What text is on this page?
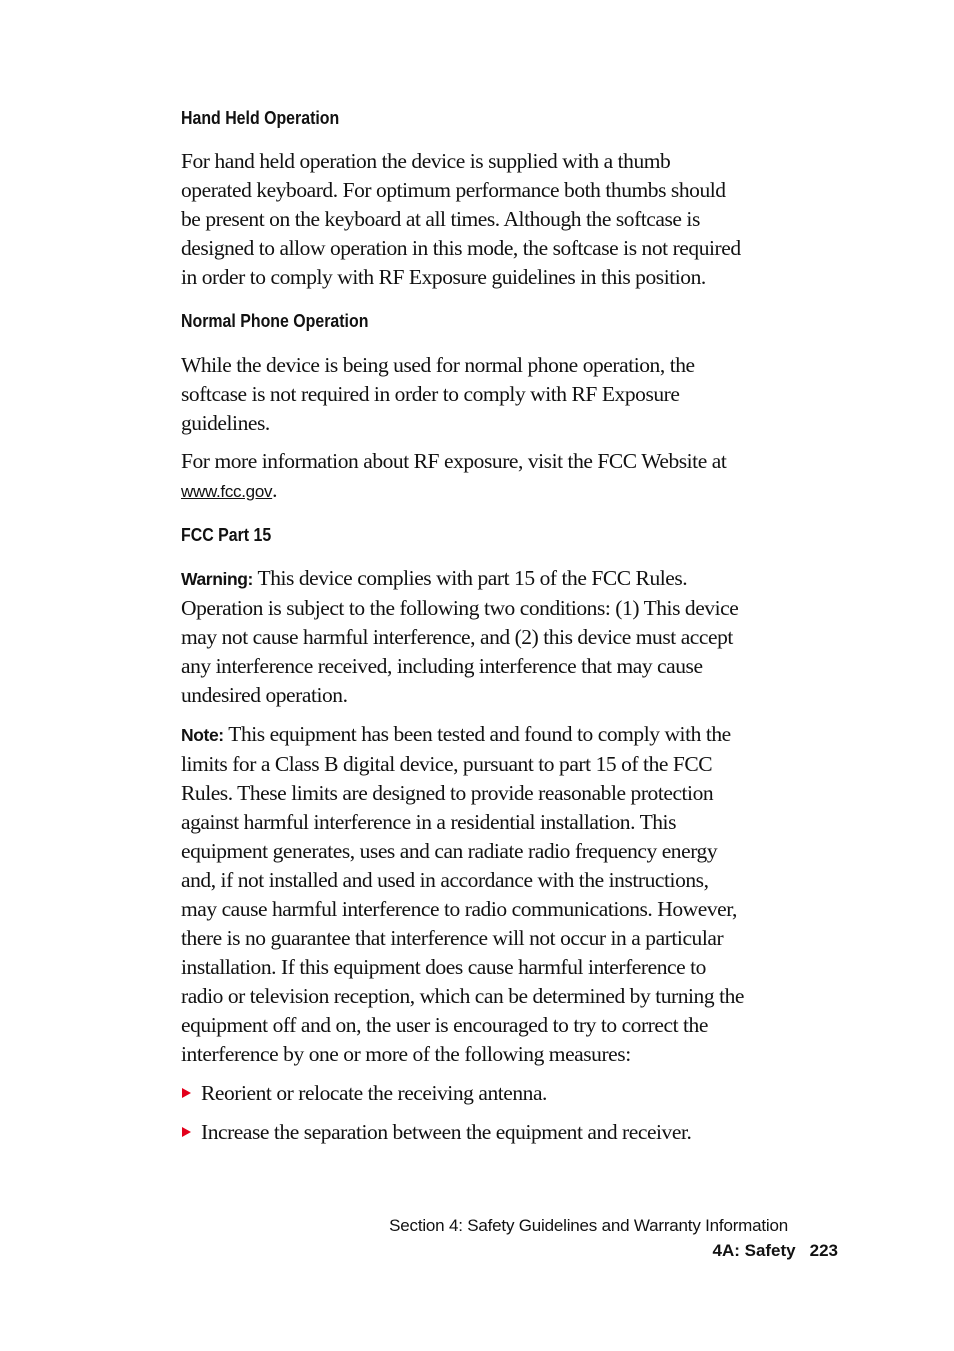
Hand Held Operation

For hand held operation the device is supplied with a thumb operated keyboard. For optimum performance both thumbs should be present on the keyboard at all times. Although the softcase is designed to allow operation in this mode, the softcase is not required in order to comply with RF Exposure guidelines in this position.

Normal Phone Operation

While the device is being used for normal phone operation, the softcase is not required in order to comply with RF Exposure guidelines.

For more information about RF exposure, visit the FCC Website at
www.fcc.gov.

FCC Part 15

Warning: This device complies with part 15 of the FCC Rules. Operation is subject to the following two conditions: (1) This device may not cause harmful interference, and (2) this device must accept any interference received, including interference that may cause undesired operation.

Note: This equipment has been tested and found to comply with the limits for a Class B digital device, pursuant to part 15 of the FCC Rules. These limits are designed to provide reasonable protection against harmful interference in a residential installation. This equipment generates, uses and can radiate radio frequency energy and, if not installed and used in accordance with the instructions, may cause harmful interference to radio communications. However, there is no guarantee that interference will not occur in a particular installation. If this equipment does cause harmful interference to radio or television reception, which can be determined by turning the equipment off and on, the user is encouraged to try to correct the interference by one or more of the following measures:

Reorient or relocate the receiving antenna.
Increase the separation between the equipment and receiver.
Section 4: Safety Guidelines and Warranty Information
4A: Safety 223
